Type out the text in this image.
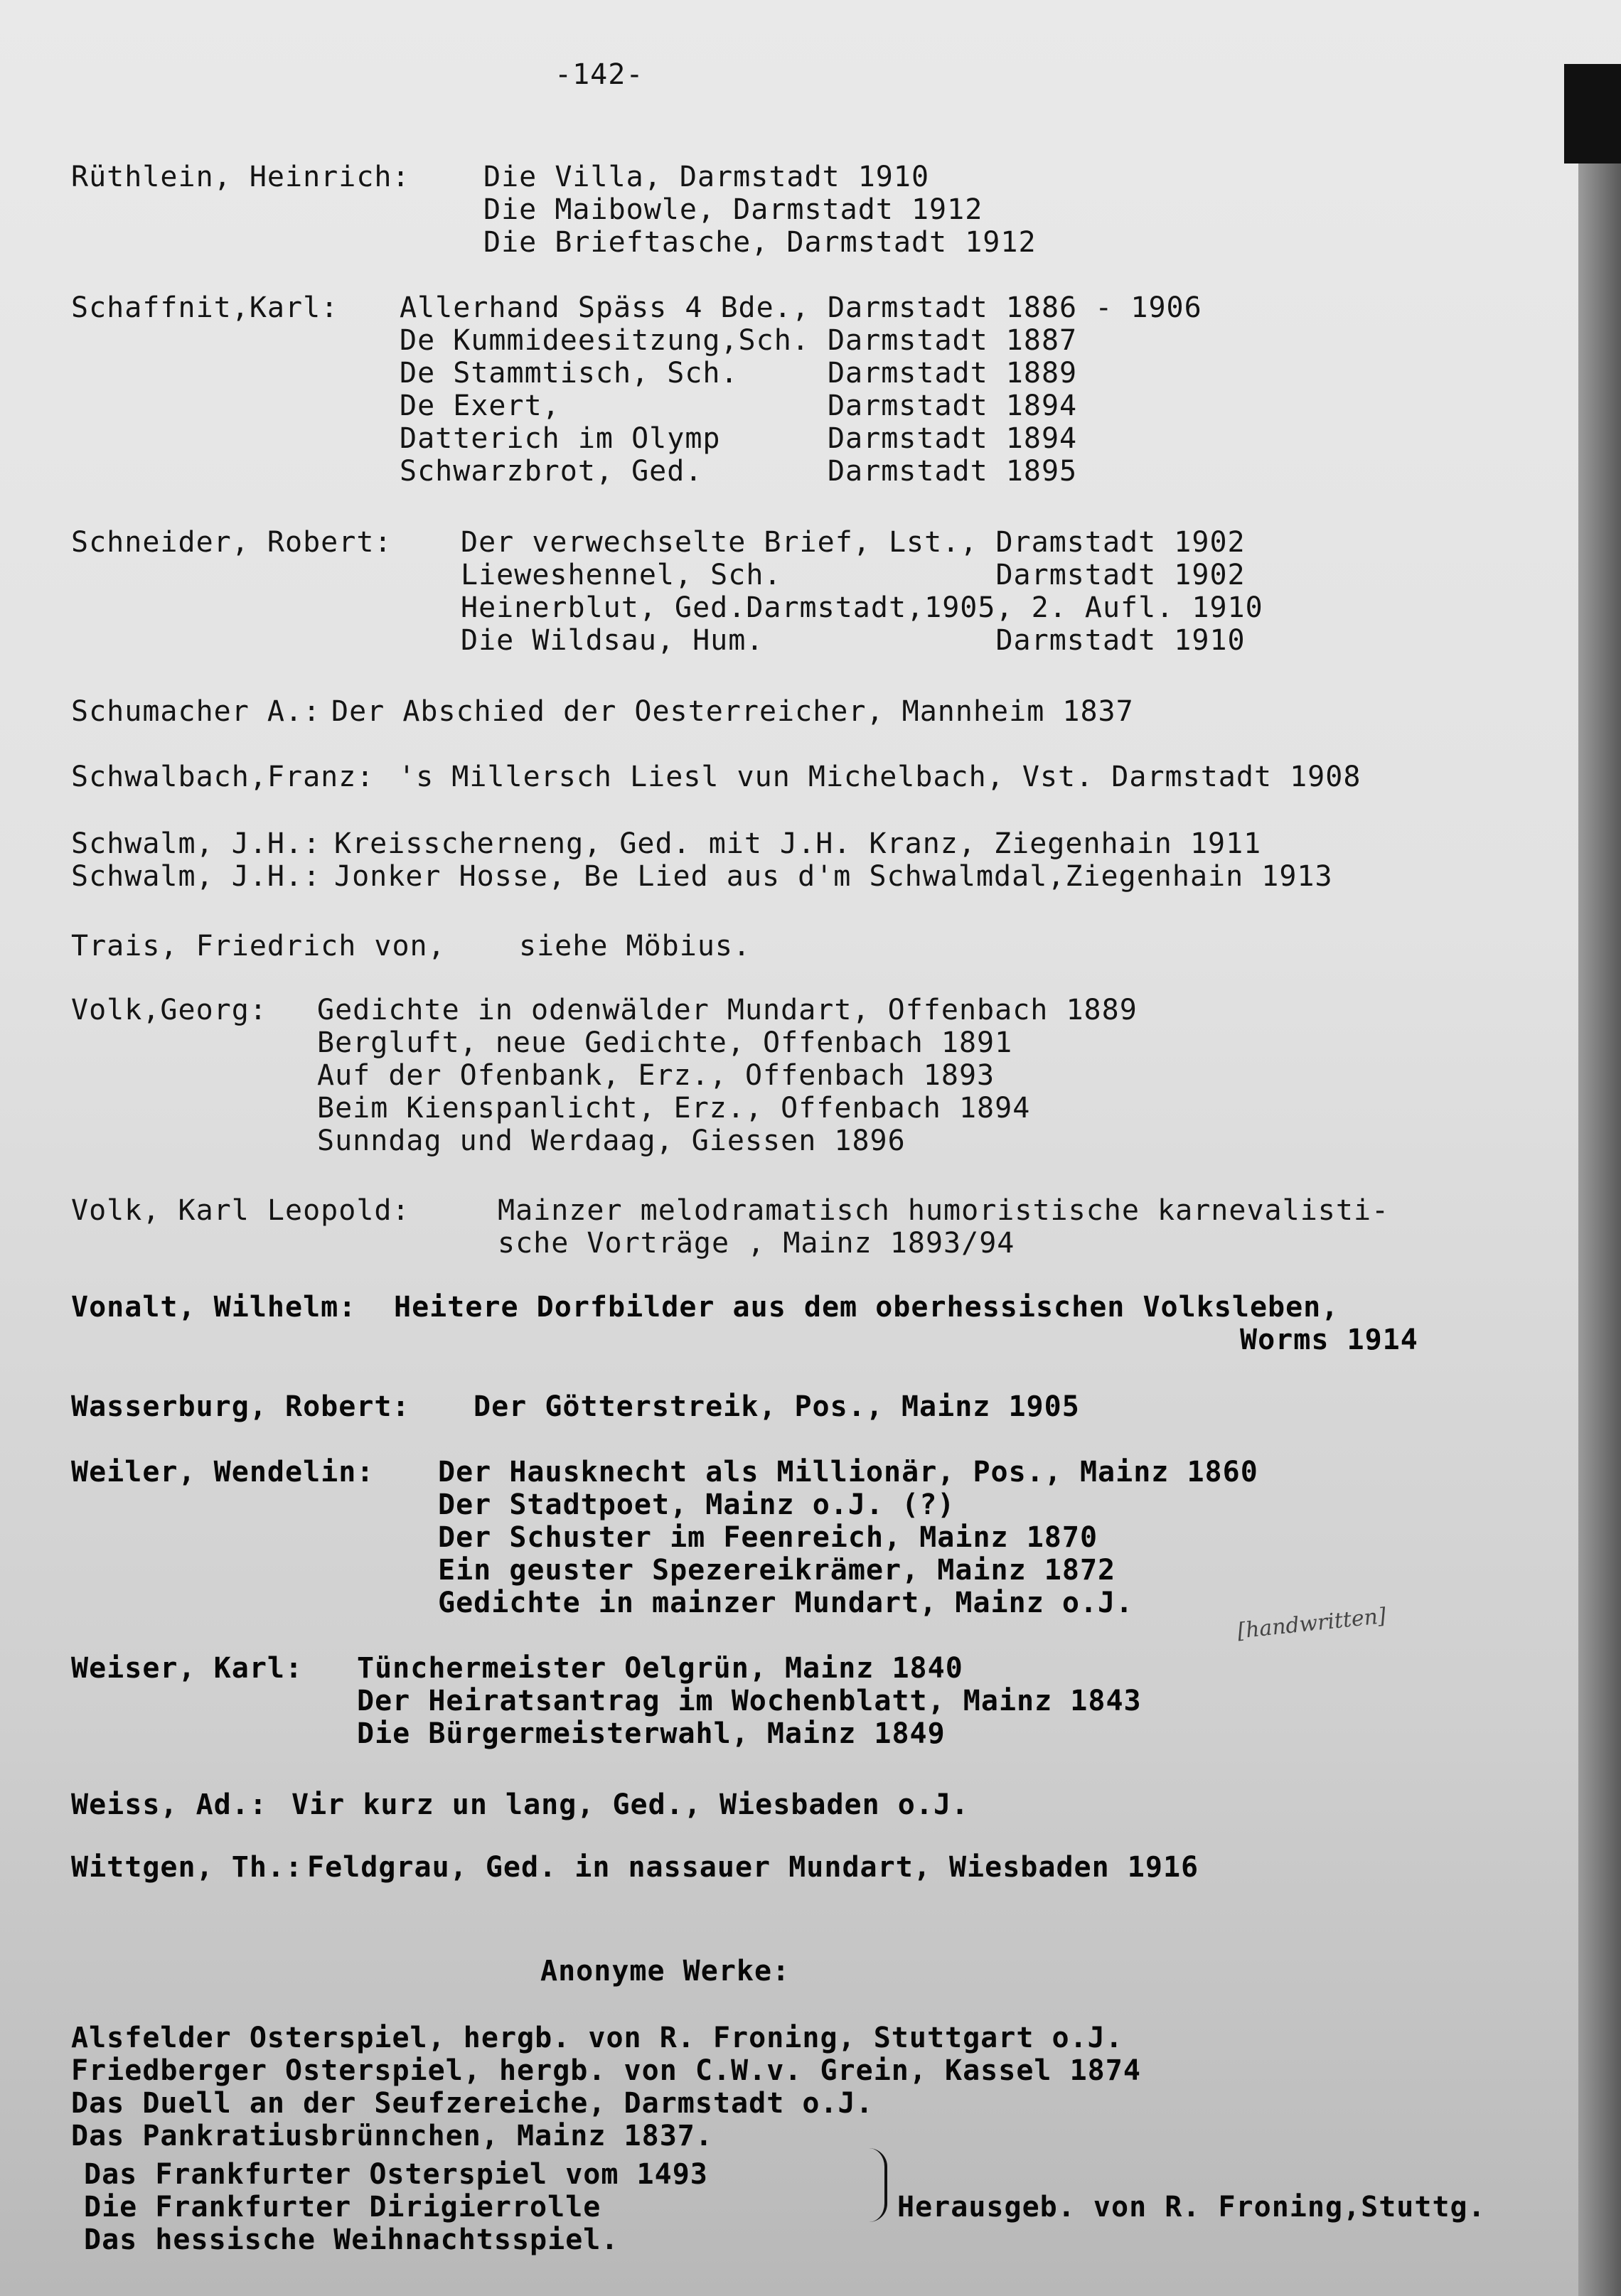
-142-
Rüthlein, Heinrich:	Die Villa, Darmstadt 1910
Die Maibowle, Darmstadt 1912
Die Brieftasche, Darmstadt 1912
Schaffnit,Karl: Allerhand Späss 4 Bde., Darmstadt 1886 - 1906
De Kummideesitzung,Sch. Darmstadt 1887
De Stammtisch, Sch.     Darmstadt 1889
De Exert,               Darmstadt 1894
Datterich im Olymp      Darmstadt 1894
Schwarzbrot, Ged.       Darmstadt 1895
Schneider, Robert: Der verwechselte Brief, Lst., Dramstadt 1902
Lieweshennel, Sch.            Darmstadt 1902
Heinerblut, Ged.Darmstadt,1905, 2. Aufl. 1910
Die Wildsau, Hum.             Darmstadt 1910
Schumacher A.: Der Abschied der Oesterreicher, Mannheim 1837
Schwalbach,Franz: 's Millersch Liesl vun Michelbach, Vst. Darmstadt 1908
Schwalm, J.H.: Kreisscherneng, Ged. mit J.H. Kranz, Ziegenhain 1911
Schwalm, J.H.: Jonker Hosse, Be Lied aus d'm Schwalmdal,Ziegenhain 1913
Trais, Friedrich von,	siehe Möbius.
Volk,Georg: Gedichte in odenwälder Mundart, Offenbach 1889
Bergluft, neue Gedichte, Offenbach 1891
Auf der Ofenbank, Erz., Offenbach 1893
Beim Kienspanlicht, Erz., Offenbach 1894
Sunndag und Werdaag, Giessen 1896
Volk, Karl Leopold:	Mainzer melodramatisch humoristische karnevalisti-
sche Vorträge , Mainz 1893/94
Vonalt, Wilhelm: Heitere Dorfbilder aus dem oberhessischen Volksleben,
Worms 1914
Wasserburg, Robert: Der Götterstreik, Pos., Mainz 1905
Weiler, Wendelin: Der Hausknecht als Millionär, Pos., Mainz 1860
Der Stadtpoet, Mainz o.J. (?)
Der Schuster im Feenreich, Mainz 1870
Ein geuster Spezereikrämer, Mainz 1872
Gedichte in mainzer Mundart, Mainz o.J.
[handwritten]
Weiser, Karl: Tünchermeister Oelgrün, Mainz 1840
Der Heiratsantrag im Wochenblatt, Mainz 1843
Die Bürgermeisterwahl, Mainz 1849
Weiss, Ad.: Vir kurz un lang, Ged., Wiesbaden o.J.
Wittgen, Th.: Feldgrau, Ged. in nassauer Mundart, Wiesbaden 1916
Anonyme Werke:
Alsfelder Osterspiel, hergb. von R. Froning, Stuttgart o.J.
Friedberger Osterspiel, hergb. von C.W.v. Grein, Kassel 1874
Das Duell an der Seufzereiche, Darmstadt o.J.
Das Pankratiusbrünnchen, Mainz 1837.
Das Frankfurter Osterspiel vom 1493
Die Frankfurter Dirigierrolle
Das hessische Weihnachtsspiel.
Herausgeb. von R. Froning,Stuttg.
